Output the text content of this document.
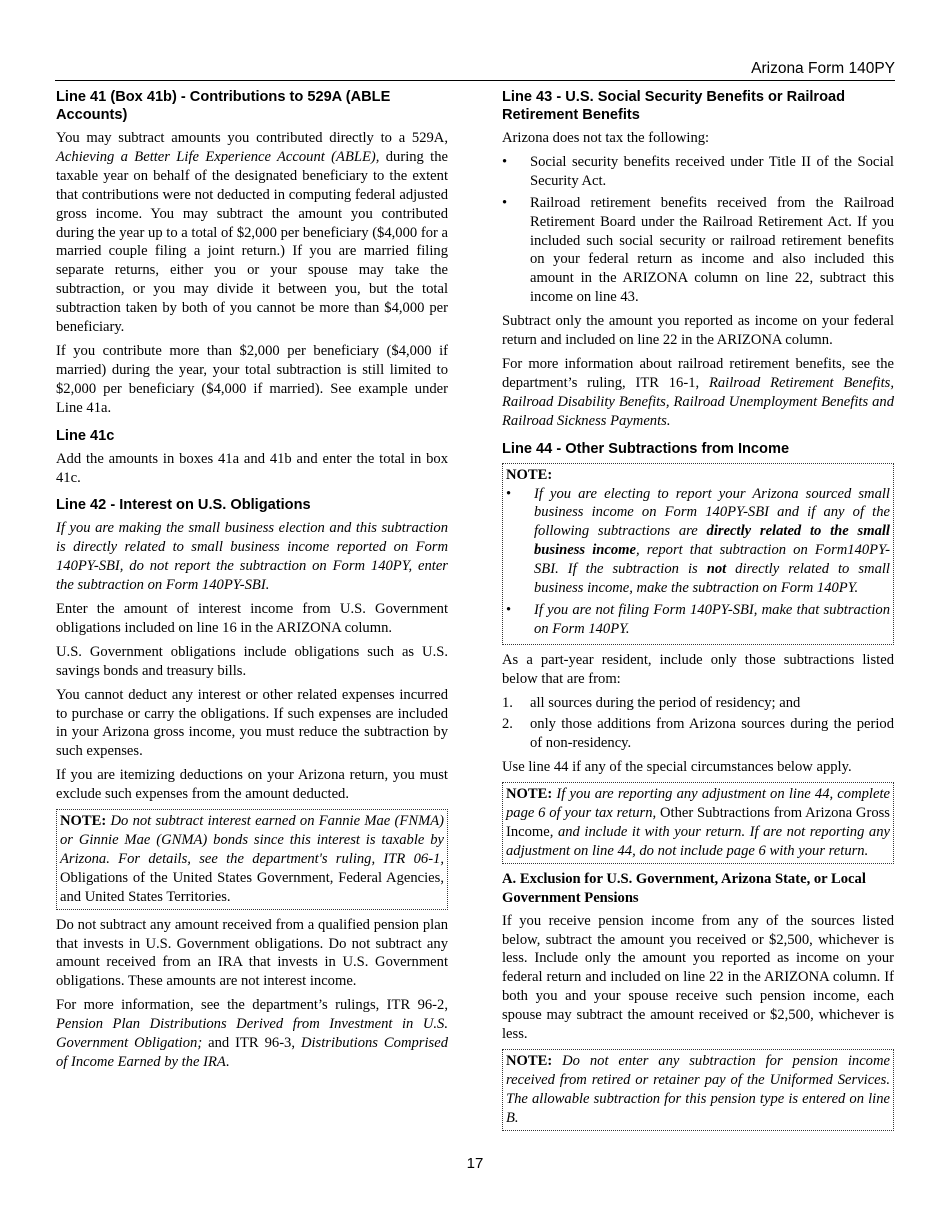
Arizona Form 140PY
Line 41 (Box 41b) - Contributions to 529A (ABLE Accounts)

You may subtract amounts you contributed directly to a 529A, Achieving a Better Life Experience Account (ABLE), during the taxable year on behalf of the designated beneficiary to the extent that contributions were not deducted in computing federal adjusted gross income. You may subtract the amount you contributed during the year up to a total of $2,000 per beneficiary ($4,000 for a married couple filing a joint return.) If you are married filing separate returns, either you or your spouse may take the subtraction, or you may divide it between you, but the total subtraction taken by both of you cannot be more than $4,000 per beneficiary.

If you contribute more than $2,000 per beneficiary ($4,000 if married) during the year, your total subtraction is still limited to $2,000 per beneficiary ($4,000 if married). See example under Line 41a.

Line 41c

Add the amounts in boxes 41a and 41b and enter the total in box 41c.

Line 42 - Interest on U.S. Obligations

If you are making the small business election and this subtraction is directly related to small business income reported on Form 140PY-SBI, do not report the subtraction on Form 140PY, enter the subtraction on Form 140PY-SBI.

Enter the amount of interest income from U.S. Government obligations included on line 16 in the ARIZONA column.

U.S. Government obligations include obligations such as U.S. savings bonds and treasury bills.

You cannot deduct any interest or other related expenses incurred to purchase or carry the obligations. If such expenses are included in your Arizona gross income, you must reduce the subtraction by such expenses.

If you are itemizing deductions on your Arizona return, you must exclude such expenses from the amount deducted.

NOTE: Do not subtract interest earned on Fannie Mae (FNMA) or Ginnie Mae (GNMA) bonds since this interest is taxable by Arizona. For details, see the department's ruling, ITR 06-1, Obligations of the United States Government, Federal Agencies, and United States Territories.

Do not subtract any amount received from a qualified pension plan that invests in U.S. Government obligations. Do not subtract any amount received from an IRA that invests in U.S. Government obligations. These amounts are not interest income.

For more information, see the department’s rulings, ITR 96-2, Pension Plan Distributions Derived from Investment in U.S. Government Obligation; and ITR 96-3, Distributions Comprised of Income Earned by the IRA.

Line 43 - U.S. Social Security Benefits or Railroad Retirement Benefits

Arizona does not tax the following:

• Social security benefits received under Title II of the Social Security Act.
• Railroad retirement benefits received from the Railroad Retirement Board under the Railroad Retirement Act. If you included such social security or railroad retirement benefits on your federal return as income and also included this amount in the ARIZONA column on line 22, subtract this income on line 43.

Subtract only the amount you reported as income on your federal return and included on line 22 in the ARIZONA column.

For more information about railroad retirement benefits, see the department’s ruling, ITR 16-1, Railroad Retirement Benefits, Railroad Disability Benefits, Railroad Unemployment Benefits and Railroad Sickness Payments.

Line 44 - Other Subtractions from Income

NOTE:

• If you are electing to report your Arizona sourced small business income on Form 140PY-SBI and if any of the following subtractions are directly related to the small business income, report that subtraction on Form140PY-SBI. If the subtraction is not directly related to small business income, make the subtraction on Form 140PY.
• If you are not filing Form 140PY-SBI, make that subtraction on Form 140PY.

As a part-year resident, include only those subtractions listed below that are from:

1. all sources during the period of residency; and
2. only those additions from Arizona sources during the period of non-residency.

Use line 44 if any of the special circumstances below apply.

NOTE: If you are reporting any adjustment on line 44, complete page 6 of your tax return, Other Subtractions from Arizona Gross Income, and include it with your return. If are not reporting any adjustment on line 44, do not include page 6 with your return.

A. Exclusion for U.S. Government, Arizona State, or Local Government Pensions

If you receive pension income from any of the sources listed below, subtract the amount you received or $2,500, whichever is less. Include only the amount you reported as income on your federal return and included on line 22 in the ARIZONA column. If both you and your spouse receive such pension income, each spouse may subtract the amount received or $2,500, whichever is less.

NOTE: Do not enter any subtraction for pension income received from retired or retainer pay of the Uniformed Services. The allowable subtraction for this pension type is entered on line B.

17
